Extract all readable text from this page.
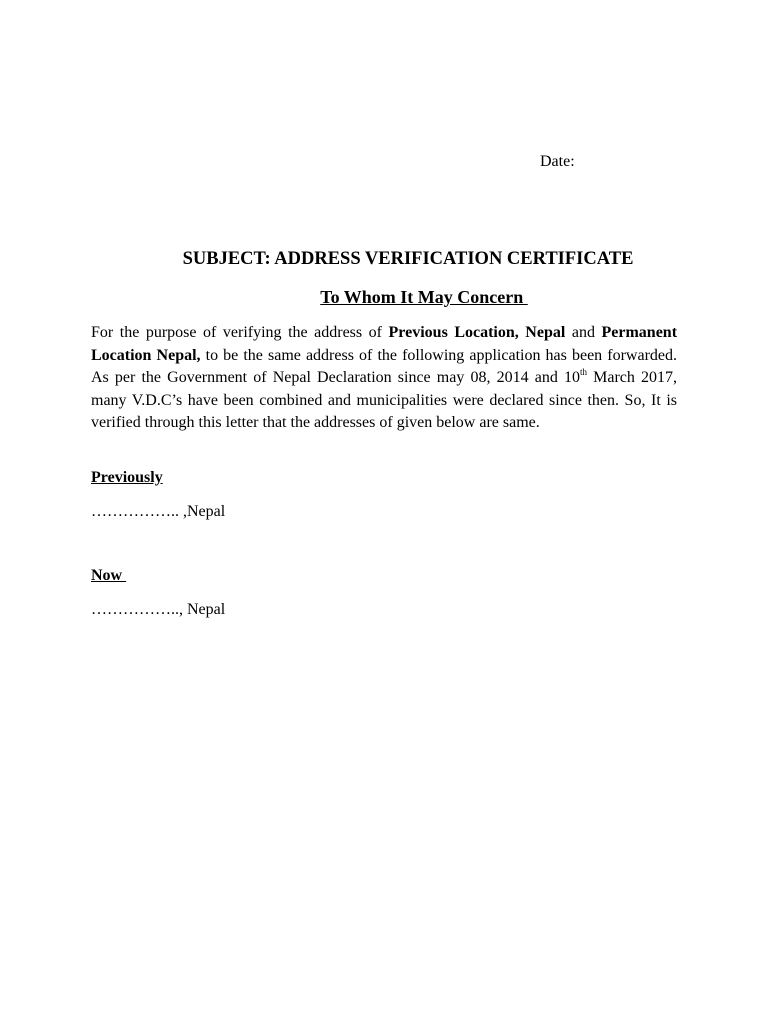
Date:
SUBJECT: ADDRESS VERIFICATION CERTIFICATE
To Whom It May Concern

For the purpose of verifying the address of Previous Location, Nepal and Permanent Location Nepal, to be the same address of the following application has been forwarded. As per the Government of Nepal Declaration since may 08, 2014 and 10th March 2017, many V.D.C’s have been combined and municipalities were declared since then. So, It is verified through this letter that the addresses of given below are same.

Previously
…………….. ,Nepal
Now
…………….., Nepal
